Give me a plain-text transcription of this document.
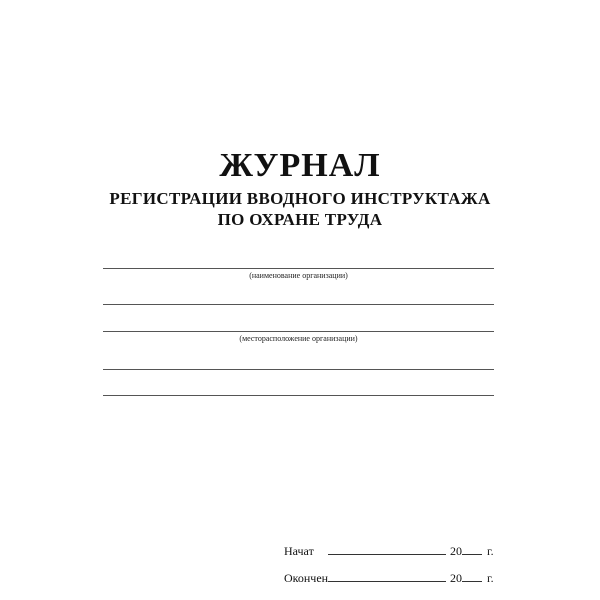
ЖУРНАЛ
РЕГИСТРАЦИИ ВВОДНОГО ИНСТРУКТАЖА
ПО ОХРАНЕ ТРУДА
(наименование организации)
(месторасположение организации)
Начат	20 г.
Окончен	20 г.
